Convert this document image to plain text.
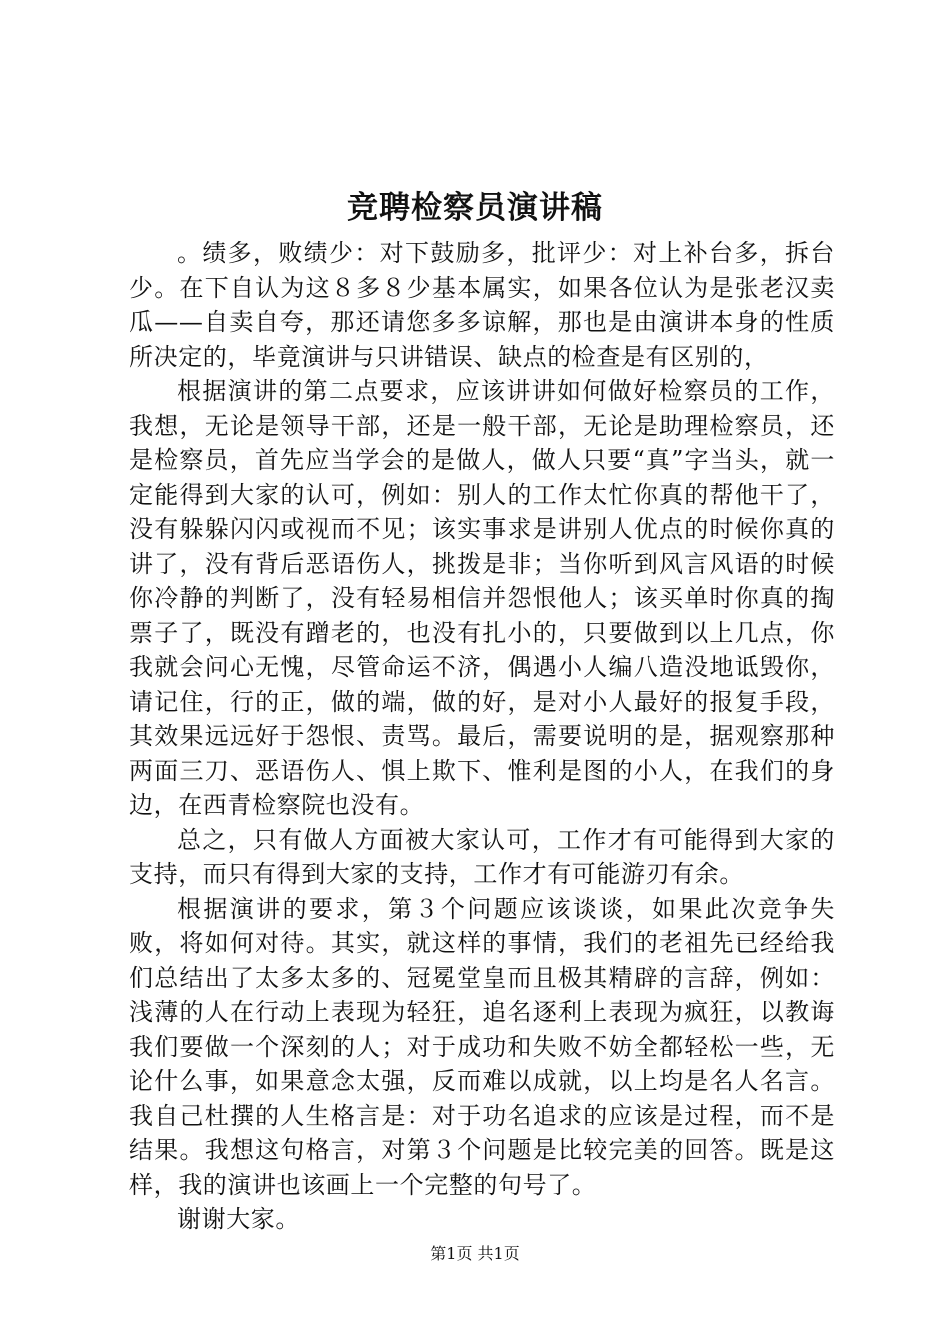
竞聘检察员演讲稿

。绩多，败绩少：对下鼓励多，批评少：对上补台多，拆台少。在下自认为这８多８少基本属实，如果各位认为是张老汉卖瓜——自卖自夸，那还请您多多谅解，那也是由演讲本身的性质所决定的，毕竟演讲与只讲错误、缺点的检查是有区别的，

根据演讲的第二点要求，应该讲讲如何做好检察员的工作，我想，无论是领导干部，还是一般干部，无论是助理检察员，还是检察员，首先应当学会的是做人，做人只要“真”字当头，就一定能得到大家的认可，例如：别人的工作太忙你真的帮他干了，没有躲躲闪闪或视而不见；该实事求是讲别人优点的时候你真的讲了，没有背后恶语伤人，挑拨是非；当你听到风言风语的时候你冷静的判断了，没有轻易相信并怨恨他人；该买单时你真的掏票子了，既没有蹭老的，也没有扎小的，只要做到以上几点，你我就会问心无愧，尽管命运不济，偶遇小人编八造没地诋毁你，请记住，行的正，做的端，做的好，是对小人最好的报复手段，其效果远远好于怨恨、责骂。最后，需要说明的是，据观察那种两面三刀、恶语伤人、惧上欺下、惟利是图的小人，在我们的身边，在西青检察院也没有。

总之，只有做人方面被大家认可，工作才有可能得到大家的支持，而只有得到大家的支持，工作才有可能游刃有余。

根据演讲的要求，第３个问题应该谈谈，如果此次竞争失败，将如何对待。其实，就这样的事情，我们的老祖先已经给我们总结出了太多太多的、冠冕堂皇而且极其精辟的言辞，例如：浅薄的人在行动上表现为轻狂，追名逐利上表现为疯狂，以教诲我们要做一个深刻的人；对于成功和失败不妨全都轻松一些，无论什么事，如果意念太强，反而难以成就，以上均是名人名言。我自己杜撰的人生格言是：对于功名追求的应该是过程，而不是结果。我想这句格言，对第３个问题是比较完美的回答。既是这样，我的演讲也该画上一个完整的句号了。

谢谢大家。

第1页 共1页
